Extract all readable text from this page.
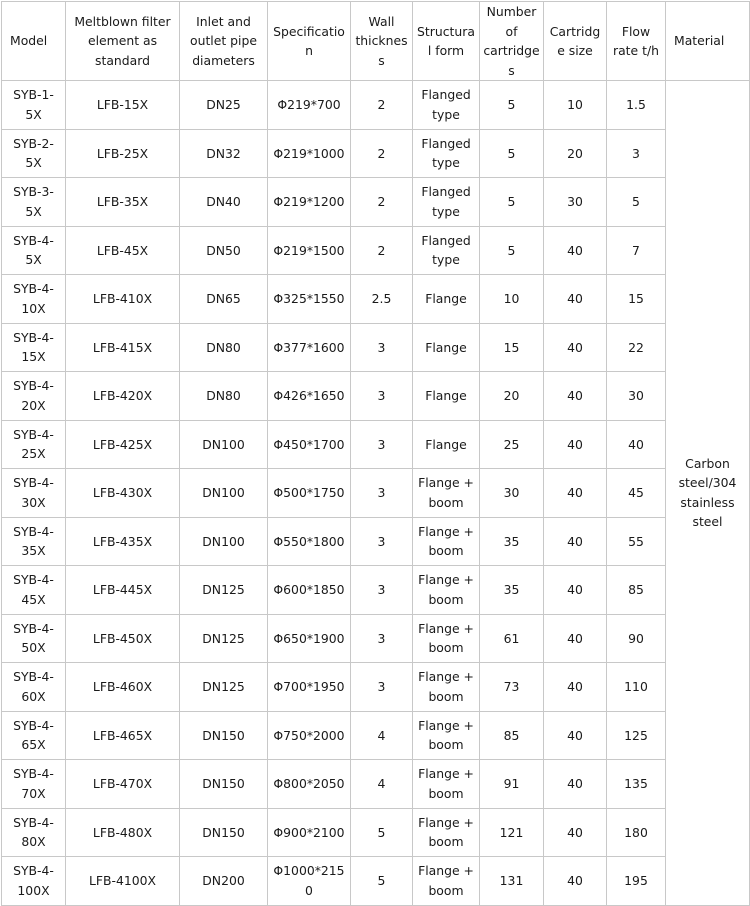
Model	Meltblown filter element as standard	Inlet and outlet pipe diameters	Specification	Wall thickness	Structural form	Number of cartridges	Cartridge size	Flow rate t/h	Material
SYB-1-5X	LFB-15X	DN25	Φ219*700	2	Flanged type	5	10	1.5	Carbon steel/304 stainless steel
SYB-2-5X	LFB-25X	DN32	Φ219*1000	2	Flanged type	5	20	3	
SYB-3-5X	LFB-35X	DN40	Φ219*1200	2	Flanged type	5	30	5	
SYB-4-5X	LFB-45X	DN50	Φ219*1500	2	Flanged type	5	40	7	
SYB-4-10X	LFB-410X	DN65	Φ325*1550	2.5	Flange	10	40	15	
SYB-4-15X	LFB-415X	DN80	Φ377*1600	3	Flange	15	40	22	
SYB-4-20X	LFB-420X	DN80	Φ426*1650	3	Flange	20	40	30	
SYB-4-25X	LFB-425X	DN100	Φ450*1700	3	Flange	25	40	40	
SYB-4-30X	LFB-430X	DN100	Φ500*1750	3	Flange + boom	30	40	45	
SYB-4-35X	LFB-435X	DN100	Φ550*1800	3	Flange + boom	35	40	55	
SYB-4-45X	LFB-445X	DN125	Φ600*1850	3	Flange + boom	35	40	85	
SYB-4-50X	LFB-450X	DN125	Φ650*1900	3	Flange + boom	61	40	90	
SYB-4-60X	LFB-460X	DN125	Φ700*1950	3	Flange + boom	73	40	110	
SYB-4-65X	LFB-465X	DN150	Φ750*2000	4	Flange + boom	85	40	125	
SYB-4-70X	LFB-470X	DN150	Φ800*2050	4	Flange + boom	91	40	135	
SYB-4-80X	LFB-480X	DN150	Φ900*2100	5	Flange + boom	121	40	180	
SYB-4-100X	LFB-4100X	DN200	Φ1000*2150	5	Flange + boom	131	40	195	
